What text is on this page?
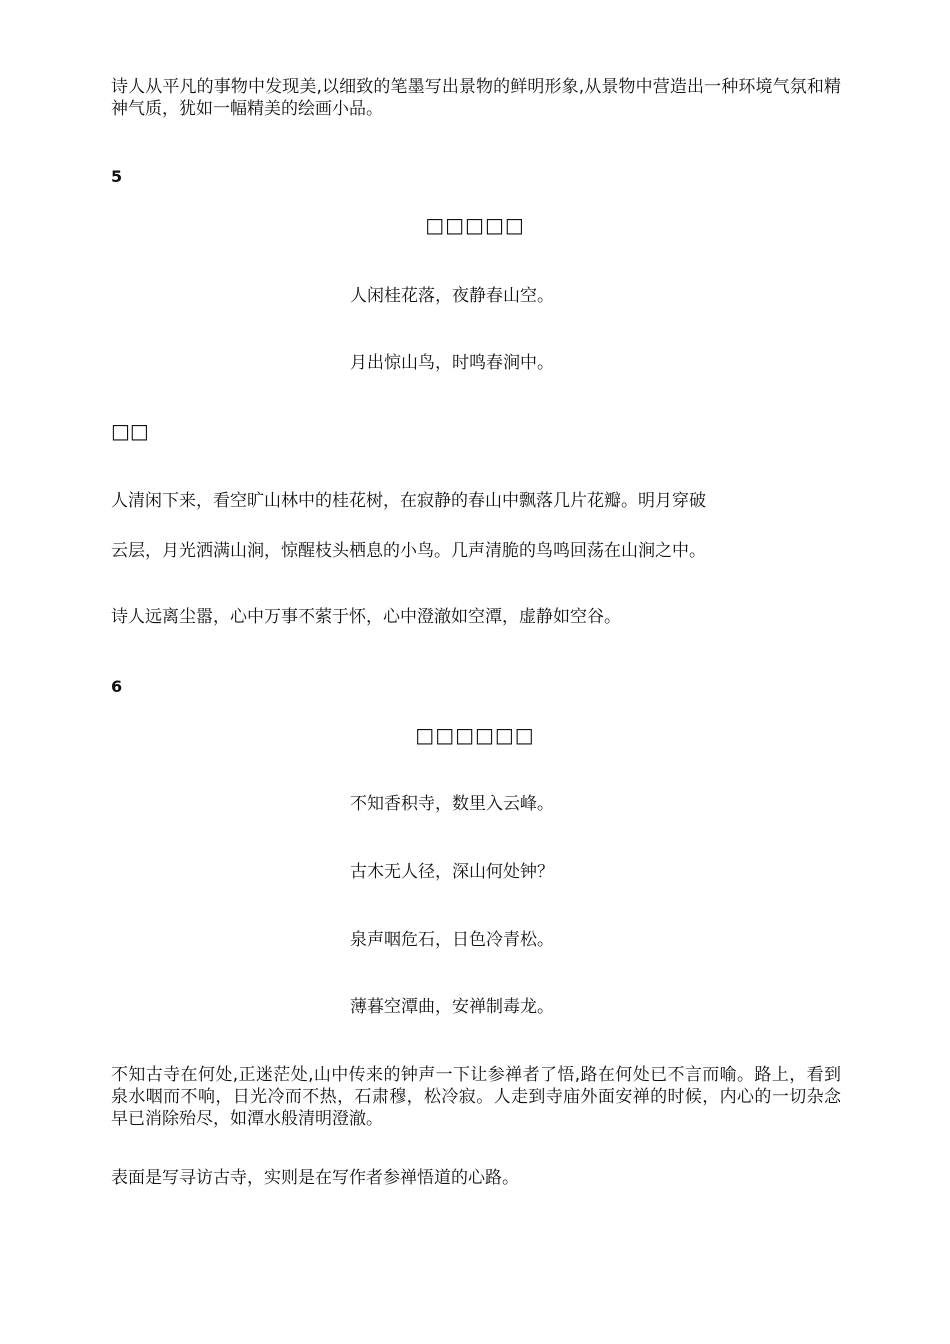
诗人从平凡的事物中发现美,以细致的笔墨写出景物的鲜明形象,从景物中营造出一种环境气氛和精神气质，犹如一幅精美的绘画小品。

5

□□□□□

人闲桂花落，夜静春山空。

月出惊山鸟，时鸣春涧中。

□□

人清闲下来，看空旷山林中的桂花树，在寂静的春山中飘落几片花瓣。明月穿破

云层，月光洒满山涧，惊醒枝头栖息的小鸟。几声清脆的鸟鸣回荡在山涧之中。

诗人远离尘嚣，心中万事不萦于怀，心中澄澈如空潭，虚静如空谷。

6

□□□□□□

不知香积寺，数里入云峰。

古木无人径，深山何处钟？

泉声咽危石，日色冷青松。

薄暮空潭曲，安禅制毒龙。

不知古寺在何处,正迷茫处,山中传来的钟声一下让参禅者了悟,路在何处已不言而喻。路上，看到泉水咽而不响，日光冷而不热，石肃穆，松冷寂。人走到寺庙外面安禅的时候，内心的一切杂念早已消除殆尽，如潭水般清明澄澈。

表面是写寻访古寺，实则是在写作者参禅悟道的心路。
